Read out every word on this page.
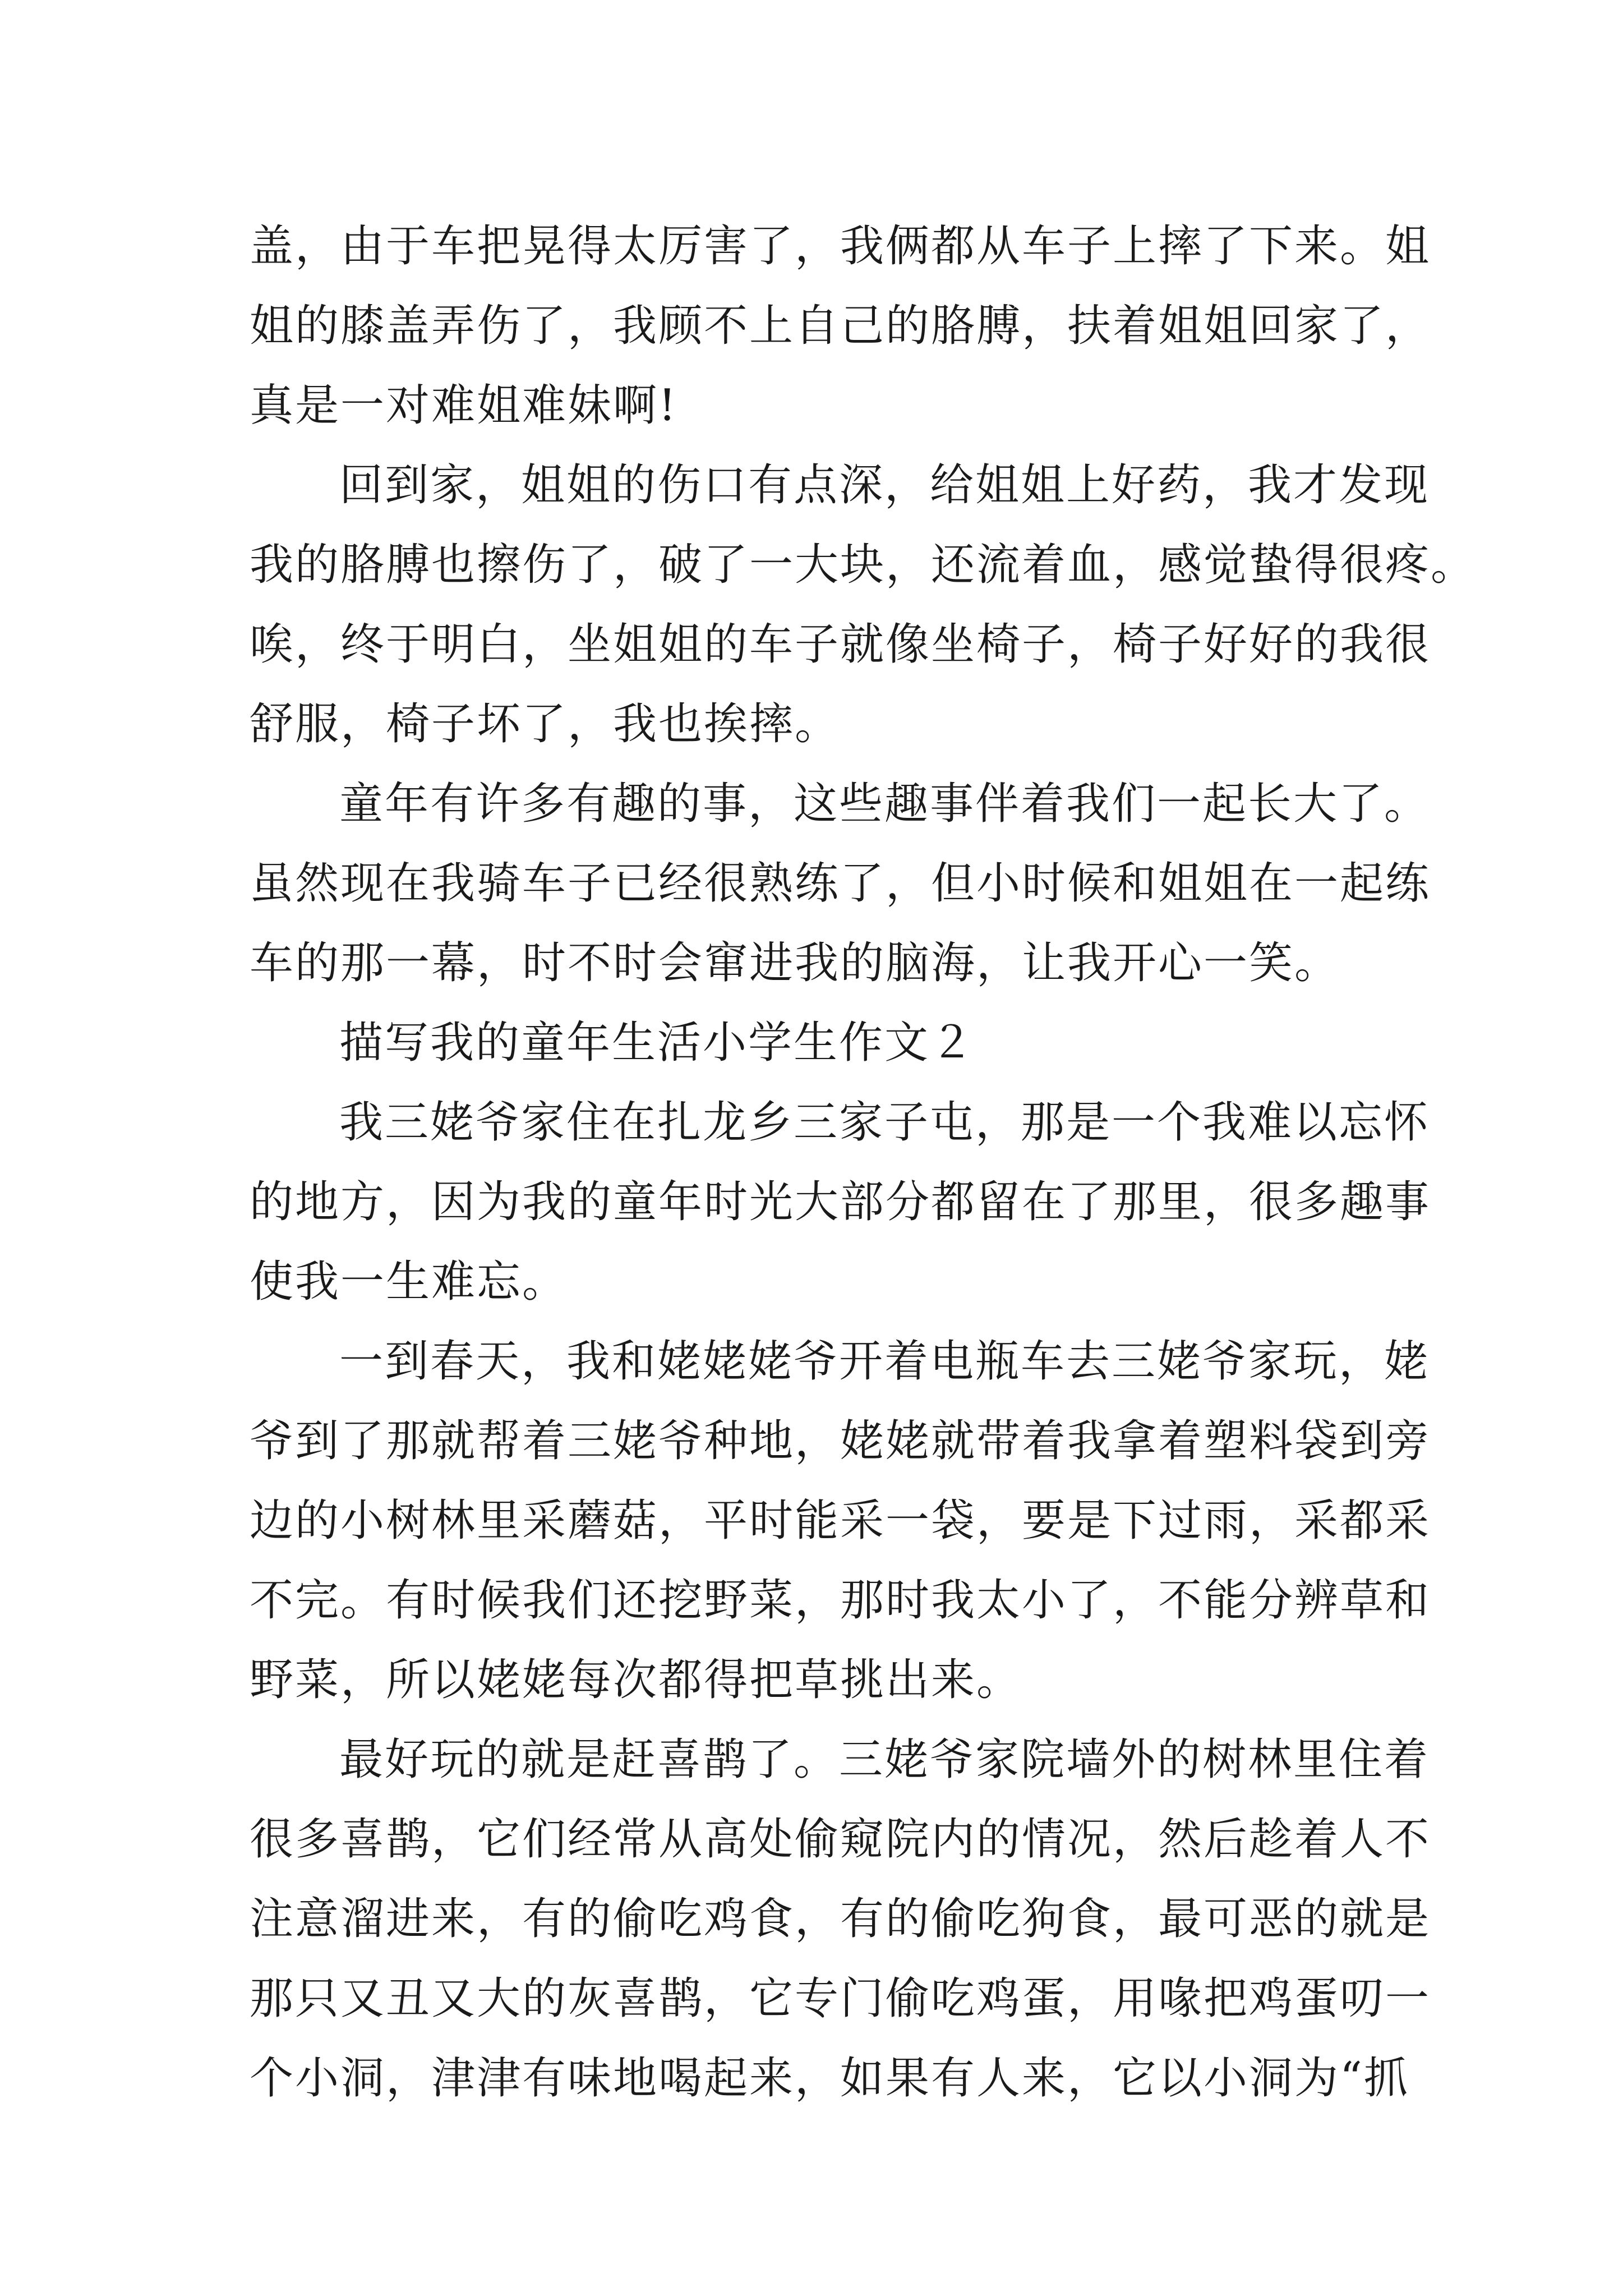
盖，由于车把晃得太厉害了，我俩都从车子上摔了下来。姐
姐的膝盖弄伤了，我顾不上自己的胳膊，扶着姐姐回家了，
真是一对难姐难妹啊!
回到家，姐姐的伤口有点深，给姐姐上好药，我才发现
我的胳膊也擦伤了，破了一大块，还流着血，感觉蛰得很疼。
唉，终于明白，坐姐姐的车子就像坐椅子，椅子好好的我很
舒服，椅子坏了，我也挨摔。
童年有许多有趣的事，这些趣事伴着我们一起长大了。
虽然现在我骑车子已经很熟练了，但小时候和姐姐在一起练
车的那一幕，时不时会窜进我的脑海，让我开心一笑。
描写我的童年生活小学生作文２
我三姥爷家住在扎龙乡三家子屯，那是一个我难以忘怀
的地方，因为我的童年时光大部分都留在了那里，很多趣事
使我一生难忘。
一到春天，我和姥姥姥爷开着电瓶车去三姥爷家玩，姥
爷到了那就帮着三姥爷种地，姥姥就带着我拿着塑料袋到旁
边的小树林里采蘑菇，平时能采一袋，要是下过雨，采都采
不完。有时候我们还挖野菜，那时我太小了，不能分辨草和
野菜，所以姥姥每次都得把草挑出来。
最好玩的就是赶喜鹊了。三姥爷家院墙外的树林里住着
很多喜鹊，它们经常从高处偷窥院内的情况，然后趁着人不
注意溜进来，有的偷吃鸡食，有的偷吃狗食，最可恶的就是
那只又丑又大的灰喜鹊，它专门偷吃鸡蛋，用喙把鸡蛋叨一
个小洞，津津有味地喝起来，如果有人来，它以小洞为“抓
